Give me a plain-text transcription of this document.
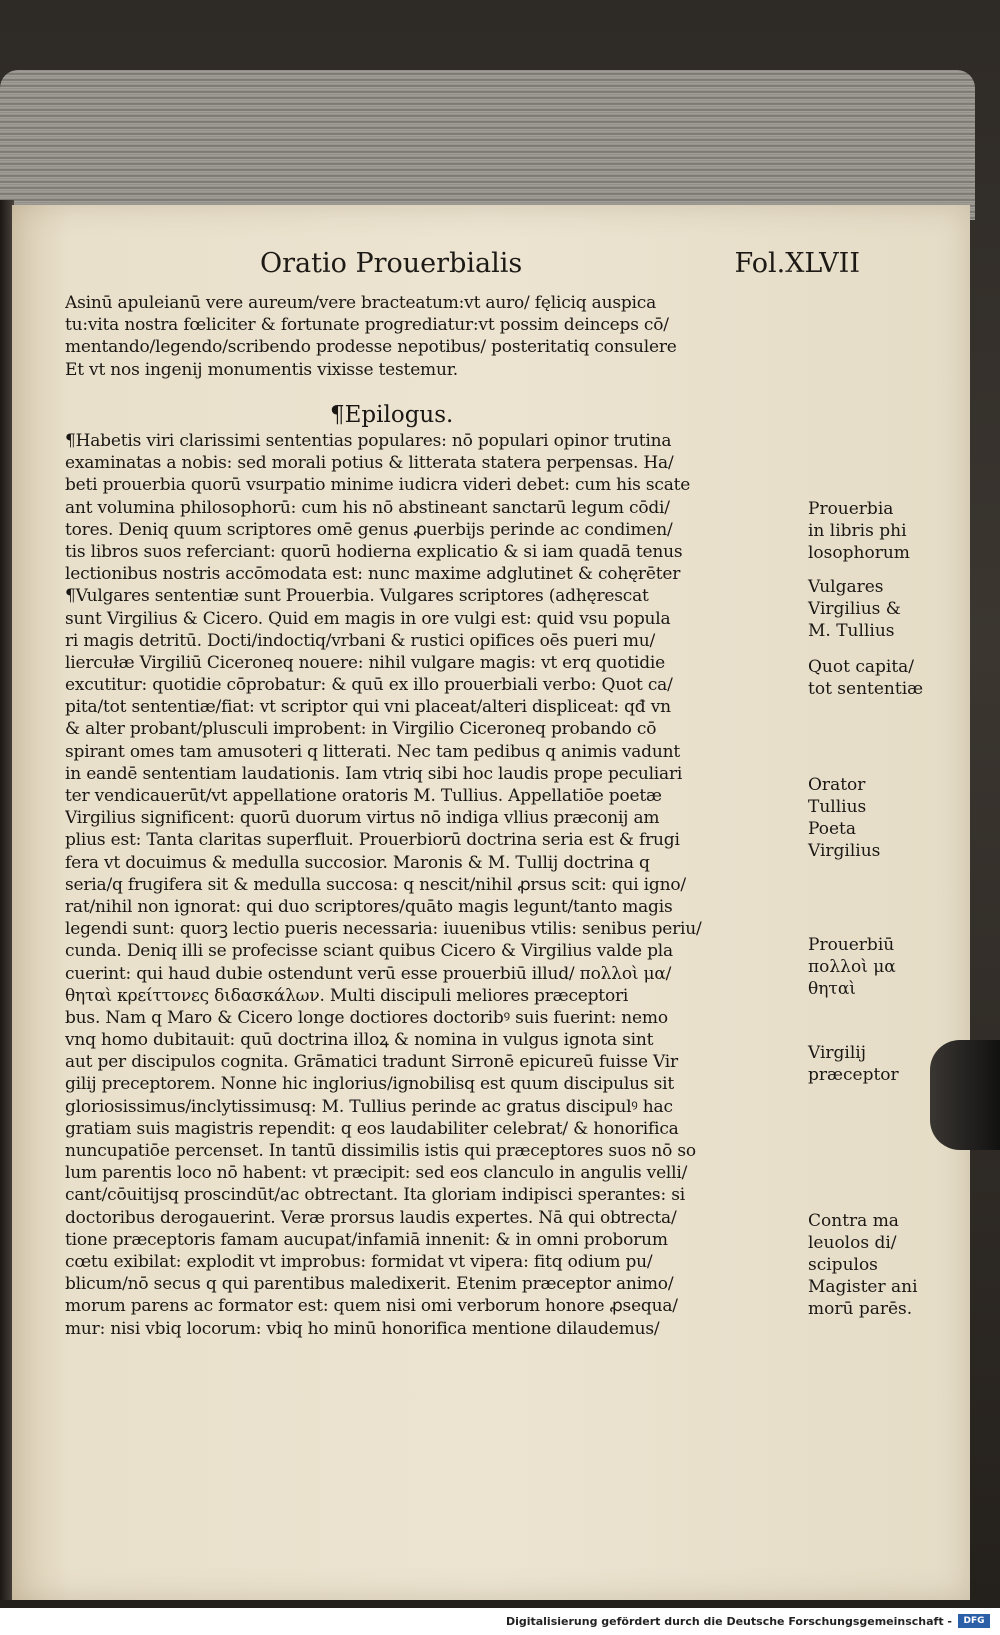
Oratio Prouerbialis	Fol.XLVII
Asinū apuleianū vere aureum/vere bracteatum:vt auro/ fęliciq auspica
tu:vita nostra fœliciter & fortunate progrediatur:vt possim deinceps cō/
mentando/legendo/scribendo prodesse nepotibus/ posteritatiq consulere
Et vt nos ingenij monumentis vixisse testemur.
¶Epilogus.
¶Habetis viri clarissimi sententias populares: nō populari opinor trutina
examinatas a nobis: sed morali potius & litterata statera perpensas. Ha/
beti prouerbia quorū vsurpatio minime iudicra videri debet: cum his scate
ant volumina philosophorū: cum his nō abstineant sanctarū legum cōdi/
tores. Deniq quum scriptores omē genus ꝓuerbijs perinde ac condimen/
tis libros suos referciant: quorū hodierna explicatio & si iam quadā tenus
lectionibus nostris accōmodata est: nunc maxime adglutinet & cohęrēter
¶Vulgares sententiæ sunt Prouerbia. Vulgares scriptores (adhęrescat
sunt Virgilius & Cicero. Quid em magis in ore vulgi est: quid vsu popula
ri magis detritū. Docti/indoctiq/vrbani & rustici opifices oēs pueri mu/
liercułæ Virgiliū Ciceroneq nouere: nihil vulgare magis: vt erq quotidie
excutitur: quotidie cōprobatur: & quū ex illo prouerbiali verbo: Quot ca/
pita/tot sententiæ/fiat: vt scriptor qui vni placeat/alteri displiceat: qđ vn
& alter probant/plusculi improbent: in Virgilio Ciceroneq probando cō
spirant omes tam amusoteri q litterati. Nec tam pedibus q animis vadunt
in eandē sententiam laudationis. Iam vtriq sibi hoc laudis prope peculiari
ter vendicauerūt/vt appellatione oratoris M. Tullius. Appellatiōe poetæ
Virgilius significent: quorū duorum virtus nō indiga vllius præconij am
plius est: Tanta claritas superfluit. Prouerbiorū doctrina seria est & frugi
fera vt docuimus & medulla succosior. Maronis & M. Tullij doctrina q
seria/q frugifera sit & medulla succosa: q nescit/nihil ꝓrsus scit: qui igno/
rat/nihil non ignorat: qui duo scriptores/quāto magis legunt/tanto magis
legendi sunt: quorꝫ lectio pueris necessaria: iuuenibus vtilis: senibus periu/
cunda. Deniq illi se profecisse sciant quibus Cicero & Virgilius valde pla
cuerint: qui haud dubie ostendunt verū esse prouerbiū illud/ πολλοὶ μα/
θηταὶ κρείττονες διδασκάλων. Multi discipuli meliores præceptori
bus. Nam q Maro & Cicero longe doctiores doctoribꝰ suis fuerint: nemo
vnq homo dubitauit: quū doctrina illoꝝ & nomina in vulgus ignota sint
aut per discipulos cognita. Grāmatici tradunt Sirronē epicureū fuisse Vir
gilij preceptorem. Nonne hic inglorius/ignobilisq est quum discipulus sit
gloriosissimus/inclytissimusq: M. Tullius perinde ac gratus discipulꝰ hac
gratiam suis magistris rependit: q eos laudabiliter celebrat/ & honorifica
nuncupatiōe percenset. In tantū dissimilis istis qui præceptores suos nō so
lum parentis loco nō habent: vt præcipit: sed eos clanculo in angulis velli/
cant/cōuitijsq proscindūt/ac obtrectant. Ita gloriam indipisci sperantes: si
doctoribus derogauerint. Veræ prorsus laudis expertes. Nā qui obtrecta/
tione præceptoris famam aucupat/infamiā innenit: & in omni proborum
cœtu exibilat: explodit vt improbus: formidat vt vipera: fitq odium pu/
blicum/nō secus q qui parentibus maledixerit. Etenim præceptor animo/
morum parens ac formator est: quem nisi omi verborum honore ꝓsequa/
mur: nisi vbiq locorum: vbiq ho minū honorifica mentione dilaudemus/
Prouerbia
in libris phi
losophorum
Vulgares
Virgilius &
M. Tullius
Quot capita/
tot sententiæ
Orator
Tullius
Poeta
Virgilius
Prouerbiū
πολλοὶ μα
θηταὶ
Virgilij
præceptor
Contra ma
leuolos di/
scipulos
Magister ani
morū parēs.
Digitalisierung gefördert durch die Deutsche Forschungsgemeinschaft -	DFG
